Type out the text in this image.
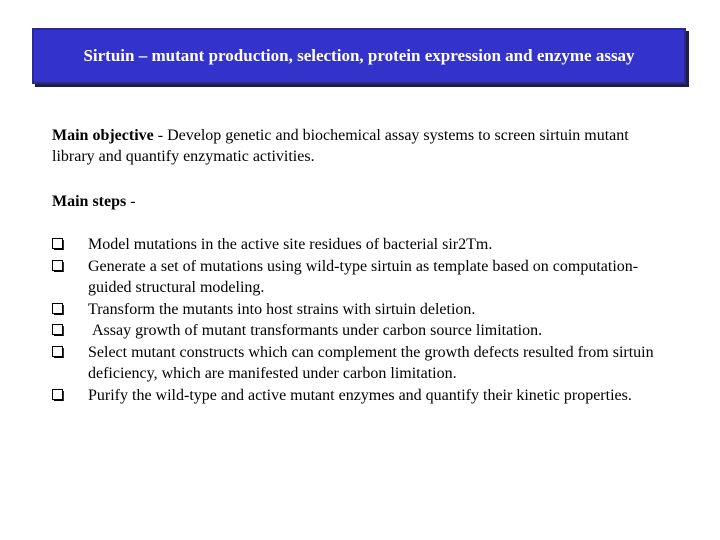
Sirtuin – mutant production, selection, protein expression and enzyme assay
Main objective - Develop genetic and biochemical assay systems to screen sirtuin mutant library and quantify enzymatic activities.
Main steps -
Model mutations in the active site residues of bacterial sir2Tm.
Generate a set of mutations using wild-type sirtuin as template based on computation-guided structural modeling.
Transform the mutants into host strains with sirtuin deletion.
Assay growth of mutant transformants under carbon source limitation.
Select mutant constructs which can complement the growth defects resulted from sirtuin deficiency, which are manifested under carbon limitation.
Purify the wild-type and active mutant enzymes and quantify their kinetic properties.
